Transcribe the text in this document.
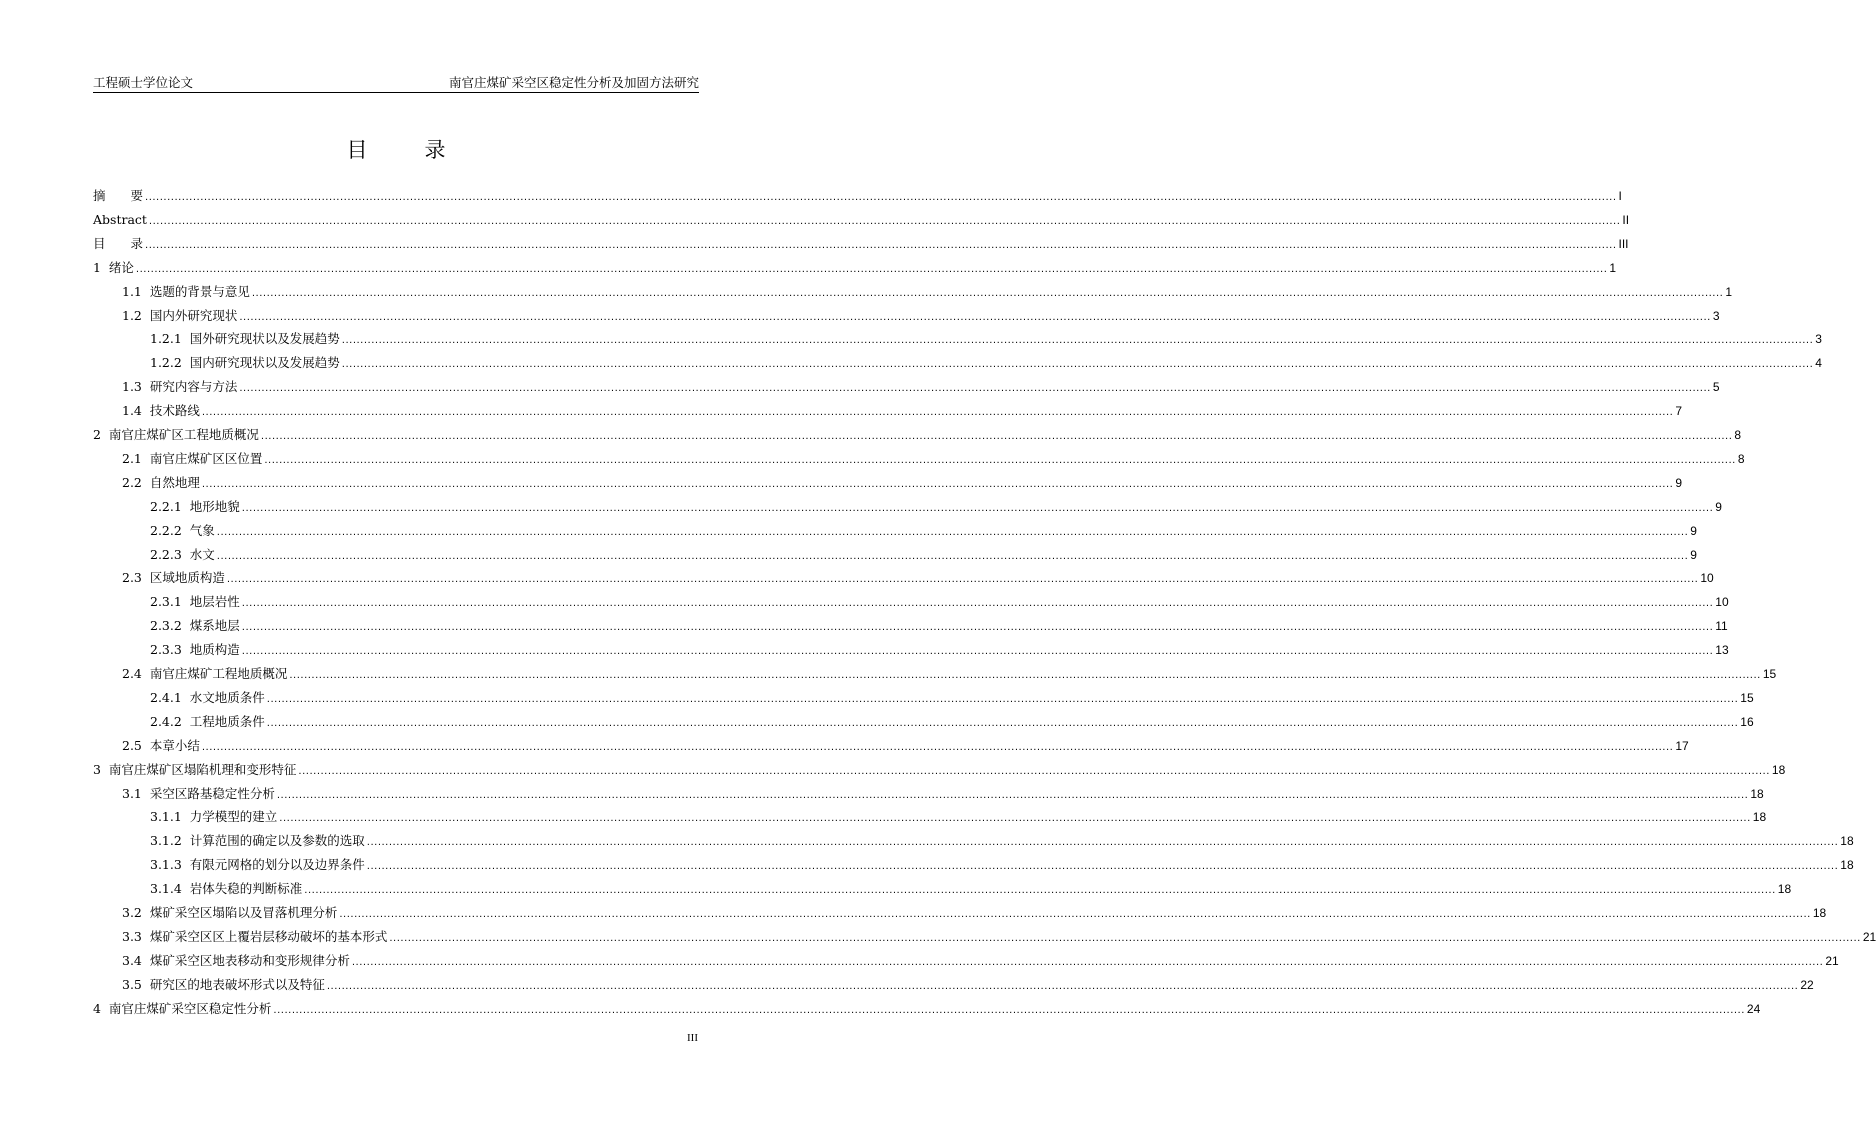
工程硕士学位论文	南官庄煤矿采空区稳定性分析及加固方法研究
目	录
摘　　要 ................................................................................................................................................................................................................................................................................................................................................................................................................ I
Abstract ................................................................................................................................................................................................................................................................................................................................................................................................................ II
目　　录 ................................................................................................................................................................................................................................................................................................................................................................................................................ III
1 绪论 ................................................................................................................................................................................................................................................................................................................................................................................................................ 1
1.1 选题的背景与意见 ................................................................................................................................................................................................................................................................................................................................................................................................................ 1
1.2 国内外研究现状 ................................................................................................................................................................................................................................................................................................................................................................................................................ 3
1.2.1 国外研究现状以及发展趋势 ................................................................................................................................................................................................................................................................................................................................................................................................................ 3
1.2.2 国内研究现状以及发展趋势 ................................................................................................................................................................................................................................................................................................................................................................................................................ 4
1.3 研究内容与方法 ................................................................................................................................................................................................................................................................................................................................................................................................................ 5
1.4 技术路线 ................................................................................................................................................................................................................................................................................................................................................................................................................ 7
2 南官庄煤矿区工程地质概况 ................................................................................................................................................................................................................................................................................................................................................................................................................ 8
2.1 南官庄煤矿区区位置 ................................................................................................................................................................................................................................................................................................................................................................................................................ 8
2.2 自然地理 ................................................................................................................................................................................................................................................................................................................................................................................................................ 9
2.2.1 地形地貌 ................................................................................................................................................................................................................................................................................................................................................................................................................ 9
2.2.2 气象 ................................................................................................................................................................................................................................................................................................................................................................................................................ 9
2.2.3 水文 ................................................................................................................................................................................................................................................................................................................................................................................................................ 9
2.3 区域地质构造 ................................................................................................................................................................................................................................................................................................................................................................................................................ 10
2.3.1 地层岩性 ................................................................................................................................................................................................................................................................................................................................................................................................................ 10
2.3.2 煤系地层 ................................................................................................................................................................................................................................................................................................................................................................................................................ 11
2.3.3 地质构造 ................................................................................................................................................................................................................................................................................................................................................................................................................ 13
2.4 南官庄煤矿工程地质概况 ................................................................................................................................................................................................................................................................................................................................................................................................................ 15
2.4.1 水文地质条件 ................................................................................................................................................................................................................................................................................................................................................................................................................ 15
2.4.2 工程地质条件 ................................................................................................................................................................................................................................................................................................................................................................................................................ 16
2.5 本章小结 ................................................................................................................................................................................................................................................................................................................................................................................................................ 17
3 南官庄煤矿区塌陷机理和变形特征 ................................................................................................................................................................................................................................................................................................................................................................................................................ 18
3.1 采空区路基稳定性分析 ................................................................................................................................................................................................................................................................................................................................................................................................................ 18
3.1.1 力学模型的建立 ................................................................................................................................................................................................................................................................................................................................................................................................................ 18
3.1.2 计算范围的确定以及参数的选取 ................................................................................................................................................................................................................................................................................................................................................................................................................ 18
3.1.3 有限元网格的划分以及边界条件 ................................................................................................................................................................................................................................................................................................................................................................................................................ 18
3.1.4 岩体失稳的判断标准 ................................................................................................................................................................................................................................................................................................................................................................................................................ 18
3.2 煤矿采空区塌陷以及冒落机理分析 ................................................................................................................................................................................................................................................................................................................................................................................................................ 18
3.3 煤矿采空区区上覆岩层移动破坏的基本形式 ................................................................................................................................................................................................................................................................................................................................................................................................................ 21
3.4 煤矿采空区地表移动和变形规律分析 ................................................................................................................................................................................................................................................................................................................................................................................................................ 21
3.5 研究区的地表破坏形式以及特征 ................................................................................................................................................................................................................................................................................................................................................................................................................ 22
4 南官庄煤矿采空区稳定性分析 ................................................................................................................................................................................................................................................................................................................................................................................................................ 24
III
